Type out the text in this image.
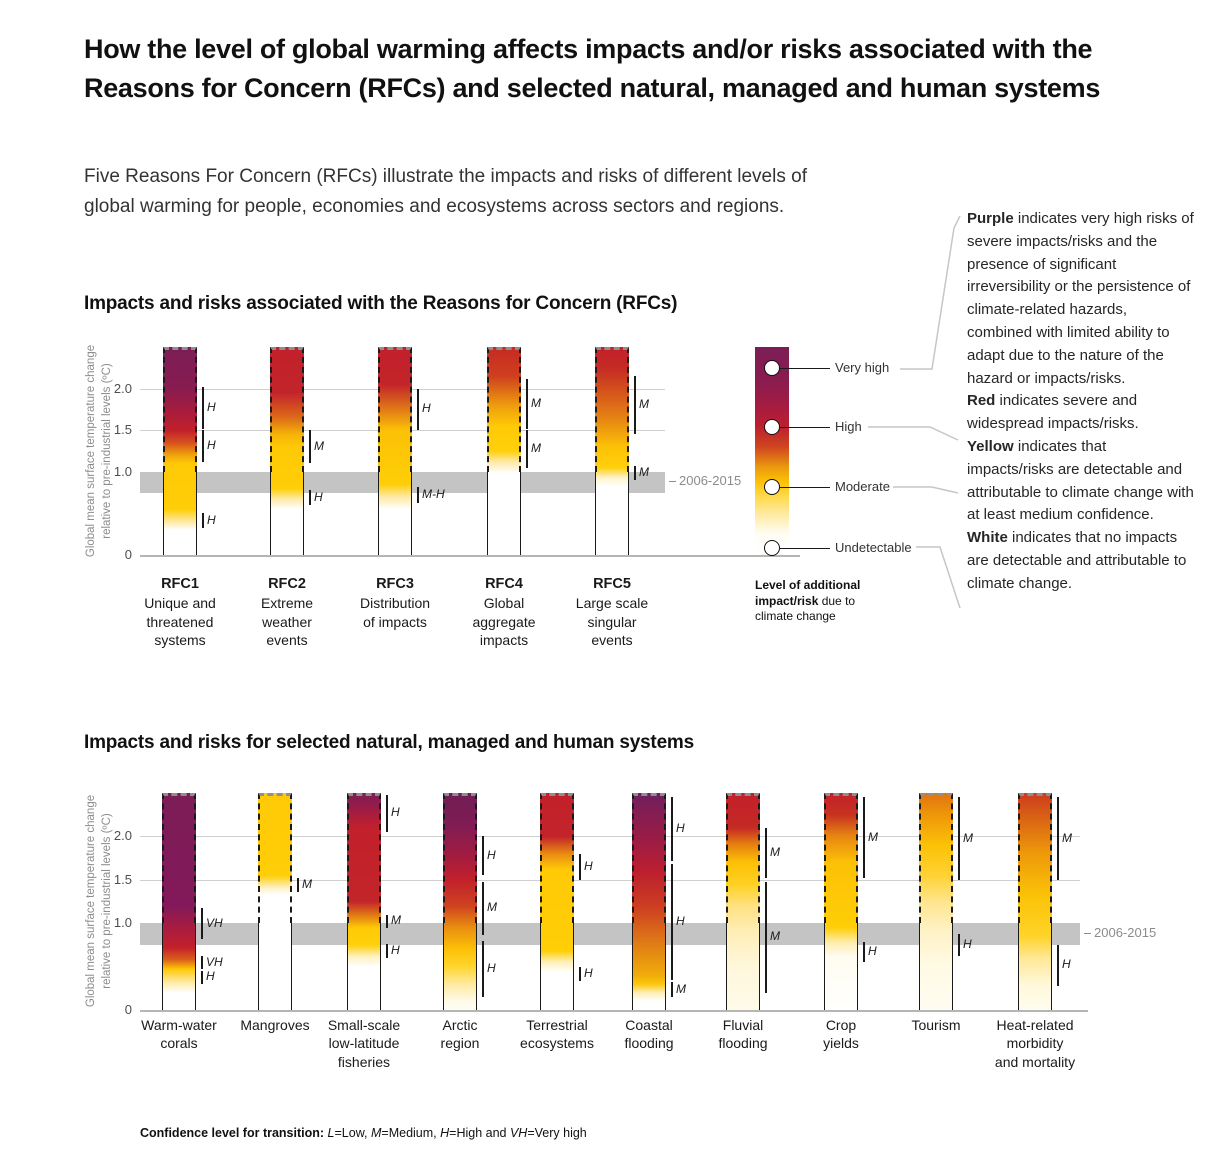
How the level of global warming affects impacts and/or risks associated with the Reasons for Concern (RFCs) and selected natural, managed and human systems
Five Reasons For Concern (RFCs) illustrate the impacts and risks of different levels of global warming for people, economies and ecosystems across sectors and regions.
Impacts and risks associated with the Reasons for Concern (RFCs)
Impacts and risks for selected natural, managed and human systems
2.0
1.5
1.0
0
2006-2015
Global mean surface temperature change relative to pre-industrial levels (ºC)	H
H
H
RFC1
Unique and
threatened
systems
M
H
RFC2
Extreme
weather
events
H
M-H
RFC3
Distribution
of impacts
M
M
RFC4
Global
aggregate
impacts
M
M
RFC5
Large scale
singular
events
Very high
High
Moderate
Undetectable
Level of additional impact/risk due to climate change
2.0
1.5
1.0
0
2006-2015
Global mean surface temperature change relative to pre-industrial levels (ºC)	VH
VH
H
Warm-water
corals
M
Mangroves
H
M
H
Small-scale
low-latitude
fisheries
H
M
H
Arctic
region
H
H
Terrestrial
ecosystems
H
H
M
Coastal
flooding
M
M
Fluvial
flooding
M
H
Crop
yields
M
H
Tourism
M
H
Heat-related
morbidity
and mortality

Purple indicates very high risks of severe impacts/risks and the presence of significant irreversibility or the persistence of climate-related hazards, combined with limited ability to adapt due to the nature of the hazard or impacts/risks.

Red indicates severe and widespread impacts/risks.

Yellow indicates that impacts/risks are detectable and attributable to climate change with at least medium confidence.

White indicates that no impacts are detectable and attributable to climate change.

Confidence level for transition: L=Low, M=Medium, H=High and VH=Very high
